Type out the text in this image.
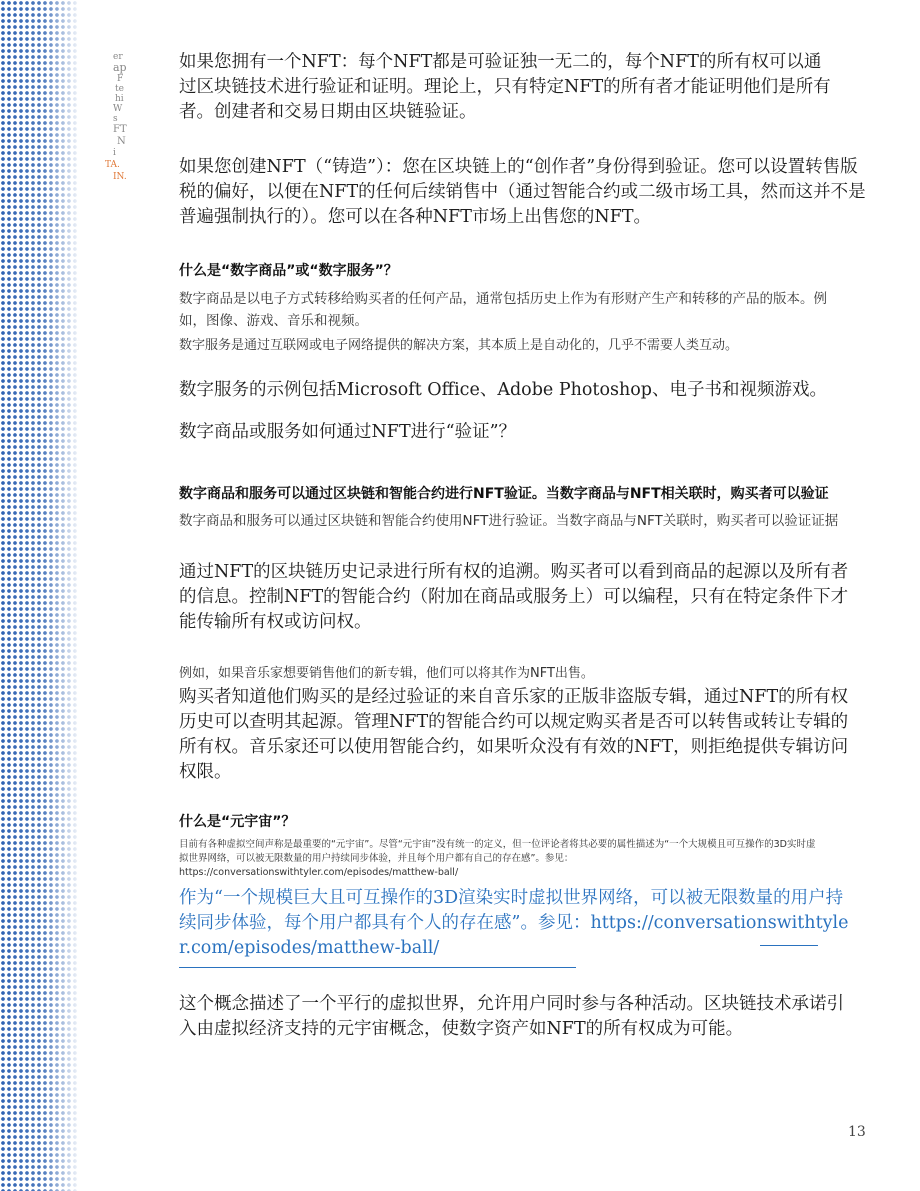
er
ap
F
te
hi
W
s
FT
N
i
TA.
IN.

如果您拥有一个NFT：每个NFT都是可验证独一无二的，每个NFT的所有权可以通过区块链技术进行验证和证明。理论上，只有特定NFT的所有者才能证明他们是所有者。创建者和交易日期由区块链验证。

如果您创建NFT（“铸造”）：您在区块链上的“创作者”身份得到验证。您可以设置转售版税的偏好，以便在NFT的任何后续销售中（通过智能合约或二级市场工具，然而这并不是普遍强制执行的）。您可以在各种NFT市场上出售您的NFT。

什么是“数字商品”或“数字服务”？

数字商品是以电子方式转移给购买者的任何产品，通常包括历史上作为有形财产生产和转移的产品的版本。例如，图像、游戏、音乐和视频。

数字服务是通过互联网或电子网络提供的解决方案，其本质上是自动化的，几乎不需要人类互动。

数字服务的示例包括Microsoft Office、Adobe Photoshop、电子书和视频游戏。

数字商品或服务如何通过NFT进行“验证”？

数字商品和服务可以通过区块链和智能合约进行NFT验证。当数字商品与NFT相关联时，购买者可以验证

数字商品和服务可以通过区块链和智能合约使用NFT进行验证。当数字商品与NFT关联时，购买者可以验证证据

通过NFT的区块链历史记录进行所有权的追溯。购买者可以看到商品的起源以及所有者的信息。控制NFT的智能合约（附加在商品或服务上）可以编程，只有在特定条件下才能传输所有权或访问权。

例如，如果音乐家想要销售他们的新专辑，他们可以将其作为NFT出售。

购买者知道他们购买的是经过验证的来自音乐家的正版非盗版专辑，通过NFT的所有权历史可以查明其起源。管理NFT的智能合约可以规定购买者是否可以转售或转让专辑的所有权。音乐家还可以使用智能合约，如果听众没有有效的NFT，则拒绝提供专辑访问权限。

什么是“元宇宙”？

目前有各种虚拟空间声称是最重要的“元宇宙”。尽管“元宇宙”没有统一的定义，但一位评论者将其必要的属性描述为“一个大规模且可互操作的3D实时虚拟世界网络，可以被无限数量的用户持续同步体验，并且每个用户都有自己的存在感”。参见：https://conversationswithtyler.com/episodes/matthew-ball/

作为“一个规模巨大且可互操作的3D渲染实时虚拟世界网络，可以被无限数量的用户持续同步体验，每个用户都具有个人的存在感”。参见：https://conversationswithtyler.com/episodes/matthew-ball/

这个概念描述了一个平行的虚拟世界，允许用户同时参与各种活动。区块链技术承诺引入由虚拟经济支持的元宇宙概念，使数字资产如NFT的所有权成为可能。

13
